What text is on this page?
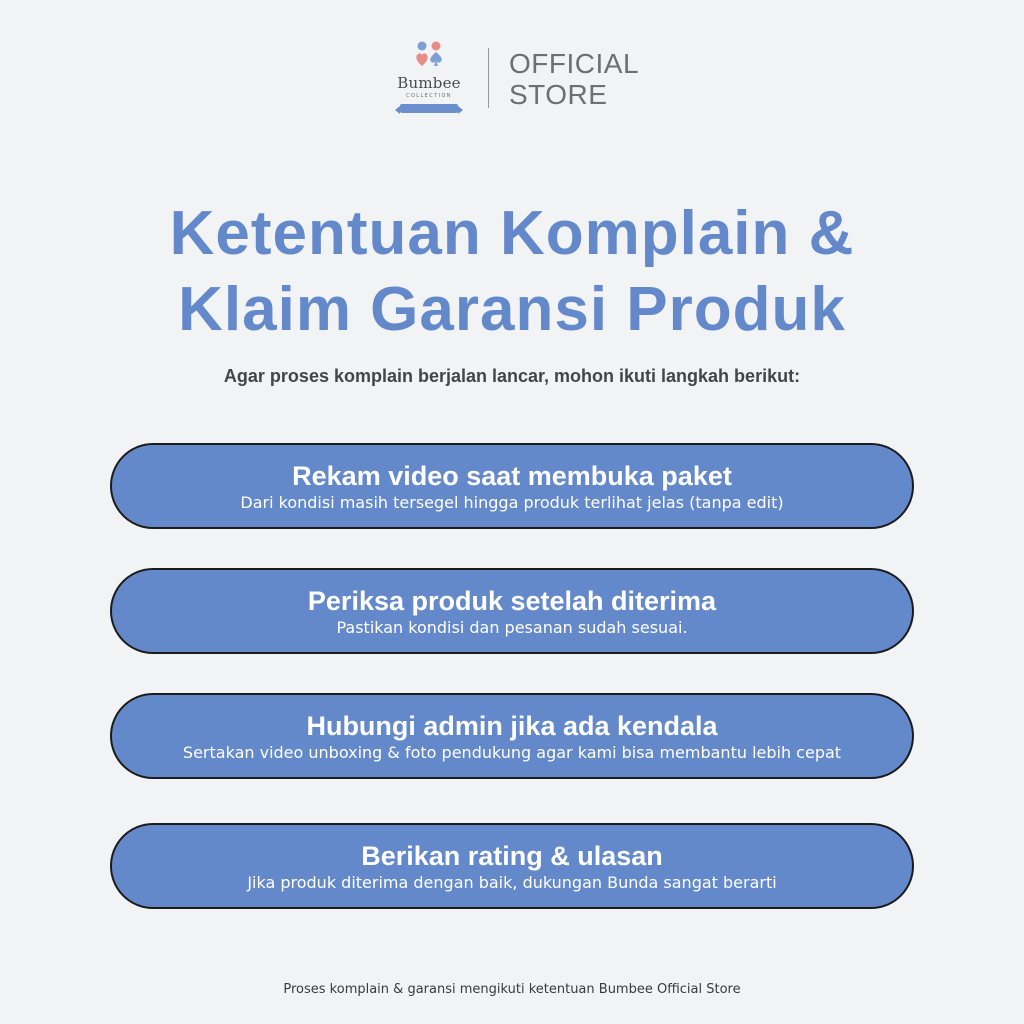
Bumbee
COLLECTION
OFFICIAL
STORE
Ketentuan Komplain &
Klaim Garansi Produk
Agar proses komplain berjalan lancar, mohon ikuti langkah berikut:
Rekam video saat membuka paket
Dari kondisi masih tersegel hingga produk terlihat jelas (tanpa edit)
Periksa produk setelah diterima
Pastikan kondisi dan pesanan sudah sesuai.
Hubungi admin jika ada kendala
Sertakan video unboxing & foto pendukung agar kami bisa membantu lebih cepat
Berikan rating & ulasan
Jika produk diterima dengan baik, dukungan Bunda sangat berarti
Proses komplain & garansi mengikuti ketentuan Bumbee Official Store
